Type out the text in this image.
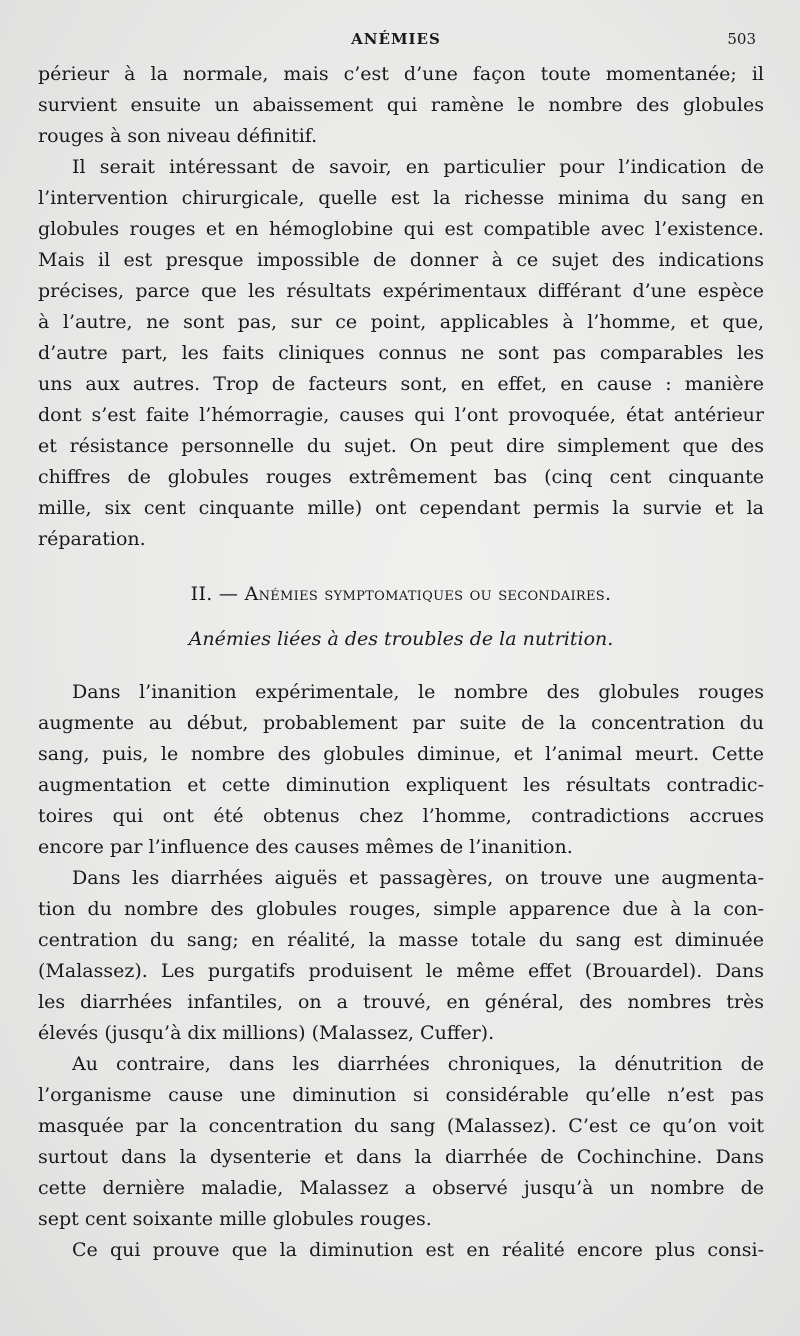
ANÉMIES	503
périeur à la normale, mais c’est d’une façon toute momentanée; il
survient ensuite un abaissement qui ramène le nombre des globules
rouges à son niveau définitif.
Il serait intéressant de savoir, en particulier pour l’indication de
l’intervention chirurgicale, quelle est la richesse minima du sang en
globules rouges et en hémoglobine qui est compatible avec l’existence.
Mais il est presque impossible de donner à ce sujet des indications
précises, parce que les résultats expérimentaux différant d’une espèce
à l’autre, ne sont pas, sur ce point, applicables à l’homme, et que,
d’autre part, les faits cliniques connus ne sont pas comparables les
uns aux autres. Trop de facteurs sont, en effet, en cause : manière
dont s’est faite l’hémorragie, causes qui l’ont provoquée, état antérieur
et résistance personnelle du sujet. On peut dire simplement que des
chiffres de globules rouges extrêmement bas (cinq cent cinquante
mille, six cent cinquante mille) ont cependant permis la survie et la
réparation.
II. — Anémies symptomatiques ou secondaires.
Anémies liées à des troubles de la nutrition.
Dans l’inanition expérimentale, le nombre des globules rouges
augmente au début, probablement par suite de la concentration du
sang, puis, le nombre des globules diminue, et l’animal meurt. Cette
augmentation et cette diminution expliquent les résultats contradic-
toires qui ont été obtenus chez l’homme, contradictions accrues
encore par l’influence des causes mêmes de l’inanition.
Dans les diarrhées aiguës et passagères, on trouve une augmenta-
tion du nombre des globules rouges, simple apparence due à la con-
centration du sang; en réalité, la masse totale du sang est diminuée
(Malassez). Les purgatifs produisent le même effet (Brouardel). Dans
les diarrhées infantiles, on a trouvé, en général, des nombres très
élevés (jusqu’à dix millions) (Malassez, Cuffer).
Au contraire, dans les diarrhées chroniques, la dénutrition de
l’organisme cause une diminution si considérable qu’elle n’est pas
masquée par la concentration du sang (Malassez). C’est ce qu’on voit
surtout dans la dysenterie et dans la diarrhée de Cochinchine. Dans
cette dernière maladie, Malassez a observé jusqu’à un nombre de
sept cent soixante mille globules rouges.
Ce qui prouve que la diminution est en réalité encore plus consi-
